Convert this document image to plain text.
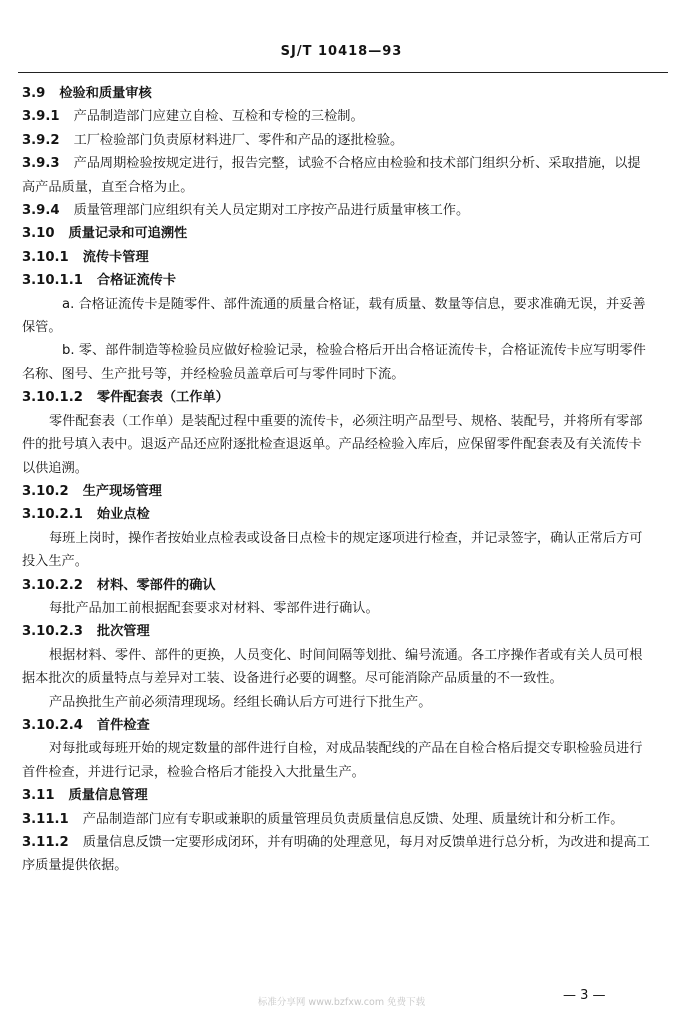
SJ/T 10418—93

3.9 检验和质量审核

3.9.1 产品制造部门应建立自检、互检和专检的三检制。

3.9.2 工厂检验部门负责原材料进厂、零件和产品的逐批检验。

3.9.3 产品周期检验按规定进行，报告完整，试验不合格应由检验和技术部门组织分析、采取措施，以提高产品质量，直至合格为止。

3.9.4 质量管理部门应组织有关人员定期对工序按产品进行质量审核工作。

3.10 质量记录和可追溯性

3.10.1 流传卡管理

3.10.1.1 合格证流传卡

a. 合格证流传卡是随零件、部件流通的质量合格证，载有质量、数量等信息，要求准确无误，并妥善保管。

b. 零、部件制造等检验员应做好检验记录，检验合格后开出合格证流传卡，合格证流传卡应写明零件名称、图号、生产批号等，并经检验员盖章后可与零件同时下流。

3.10.1.2 零件配套表（工作单）

零件配套表（工作单）是装配过程中重要的流传卡，必须注明产品型号、规格、装配号，并将所有零部件的批号填入表中。退返产品还应附逐批检查退返单。产品经检验入库后，应保留零件配套表及有关流传卡以供追溯。

3.10.2 生产现场管理

3.10.2.1 始业点检

每班上岗时，操作者按始业点检表或设备日点检卡的规定逐项进行检查，并记录签字，确认正常后方可投入生产。

3.10.2.2 材料、零部件的确认

每批产品加工前根据配套要求对材料、零部件进行确认。

3.10.2.3 批次管理

根据材料、零件、部件的更换，人员变化、时间间隔等划批、编号流通。各工序操作者或有关人员可根据本批次的质量特点与差异对工装、设备进行必要的调整。尽可能消除产品质量的不一致性。

产品换批生产前必须清理现场。经组长确认后方可进行下批生产。

3.10.2.4 首件检查

对每批或每班开始的规定数量的部件进行自检，对成品装配线的产品在自检合格后提交专职检验员进行首件检查，并进行记录，检验合格后才能投入大批量生产。

3.11 质量信息管理

3.11.1 产品制造部门应有专职或兼职的质量管理员负责质量信息反馈、处理、质量统计和分析工作。

3.11.2 质量信息反馈一定要形成闭环，并有明确的处理意见，每月对反馈单进行总分析，为改进和提高工序质量提供依据。

标准分享网 www.bzfxw.com 免费下载	— 3 —
